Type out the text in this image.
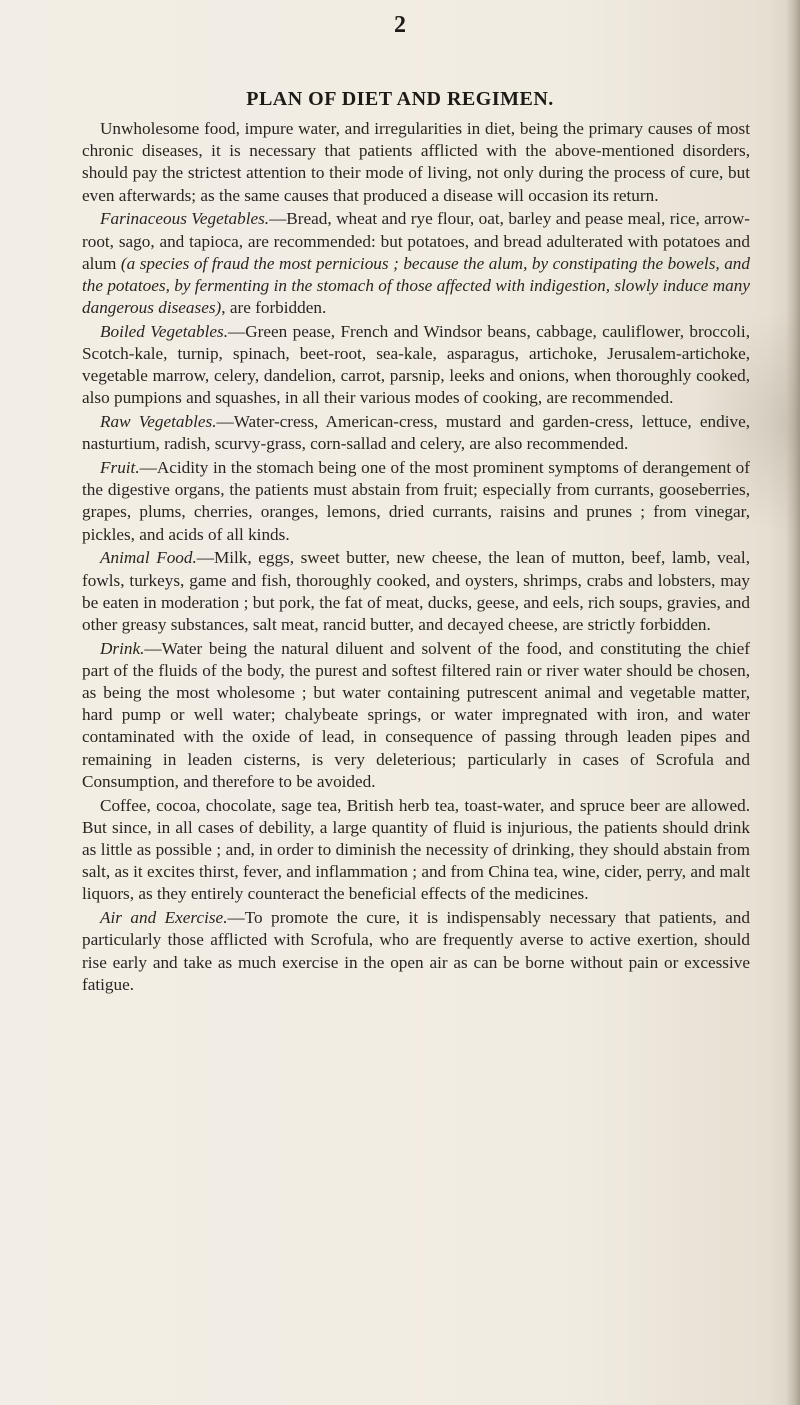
2
PLAN OF DIET AND REGIMEN.

Unwholesome food, impure water, and irregularities in diet, being the primary causes of most chronic diseases, it is necessary that patients afflicted with the above-mentioned disorders, should pay the strictest attention to their mode of living, not only during the process of cure, but even afterwards; as the same causes that produced a disease will occasion its return.

Farinaceous Vegetables.—Bread, wheat and rye flour, oat, barley and pease meal, rice, arrow-root, sago, and tapioca, are recommended: but potatoes, and bread adulterated with potatoes and alum (a species of fraud the most pernicious ; because the alum, by constipating the bowels, and the potatoes, by fermenting in the stomach of those affected with indigestion, slowly induce many dangerous diseases), are forbidden.

Boiled Vegetables.—Green pease, French and Windsor beans, cabbage, cauliflower, broccoli, Scotch-kale, turnip, spinach, beet-root, sea-kale, asparagus, artichoke, Jerusalem-artichoke, vegetable marrow, celery, dandelion, carrot, parsnip, leeks and onions, when thoroughly cooked, also pumpions and squashes, in all their various modes of cooking, are recommended.

Raw Vegetables.—Water-cress, American-cress, mustard and garden-cress, lettuce, endive, nasturtium, radish, scurvy-grass, corn-sallad and celery, are also recommended.

Fruit.—Acidity in the stomach being one of the most prominent symptoms of derangement of the digestive organs, the patients must abstain from fruit; especially from currants, gooseberries, grapes, plums, cherries, oranges, lemons, dried currants, raisins and prunes ; from vinegar, pickles, and acids of all kinds.

Animal Food.—Milk, eggs, sweet butter, new cheese, the lean of mutton, beef, lamb, veal, fowls, turkeys, game and fish, thoroughly cooked, and oysters, shrimps, crabs and lobsters, may be eaten in moderation ; but pork, the fat of meat, ducks, geese, and eels, rich soups, gravies, and other greasy substances, salt meat, rancid butter, and decayed cheese, are strictly forbidden.

Drink.—Water being the natural diluent and solvent of the food, and constituting the chief part of the fluids of the body, the purest and softest filtered rain or river water should be chosen, as being the most wholesome ; but water containing putrescent animal and vegetable matter, hard pump or well water; chalybeate springs, or water impregnated with iron, and water contaminated with the oxide of lead, in consequence of passing through leaden pipes and remaining in leaden cisterns, is very deleterious; particularly in cases of Scrofula and Consumption, and therefore to be avoided.

Coffee, cocoa, chocolate, sage tea, British herb tea, toast-water, and spruce beer are allowed. But since, in all cases of debility, a large quantity of fluid is injurious, the patients should drink as little as possible ; and, in order to diminish the necessity of drinking, they should abstain from salt, as it excites thirst, fever, and inflammation ; and from China tea, wine, cider, perry, and malt liquors, as they entirely counteract the beneficial effects of the medicines.

Air and Exercise.—To promote the cure, it is indispensably necessary that patients, and particularly those afflicted with Scrofula, who are frequently averse to active exertion, should rise early and take as much exercise in the open air as can be borne without pain or excessive fatigue.
